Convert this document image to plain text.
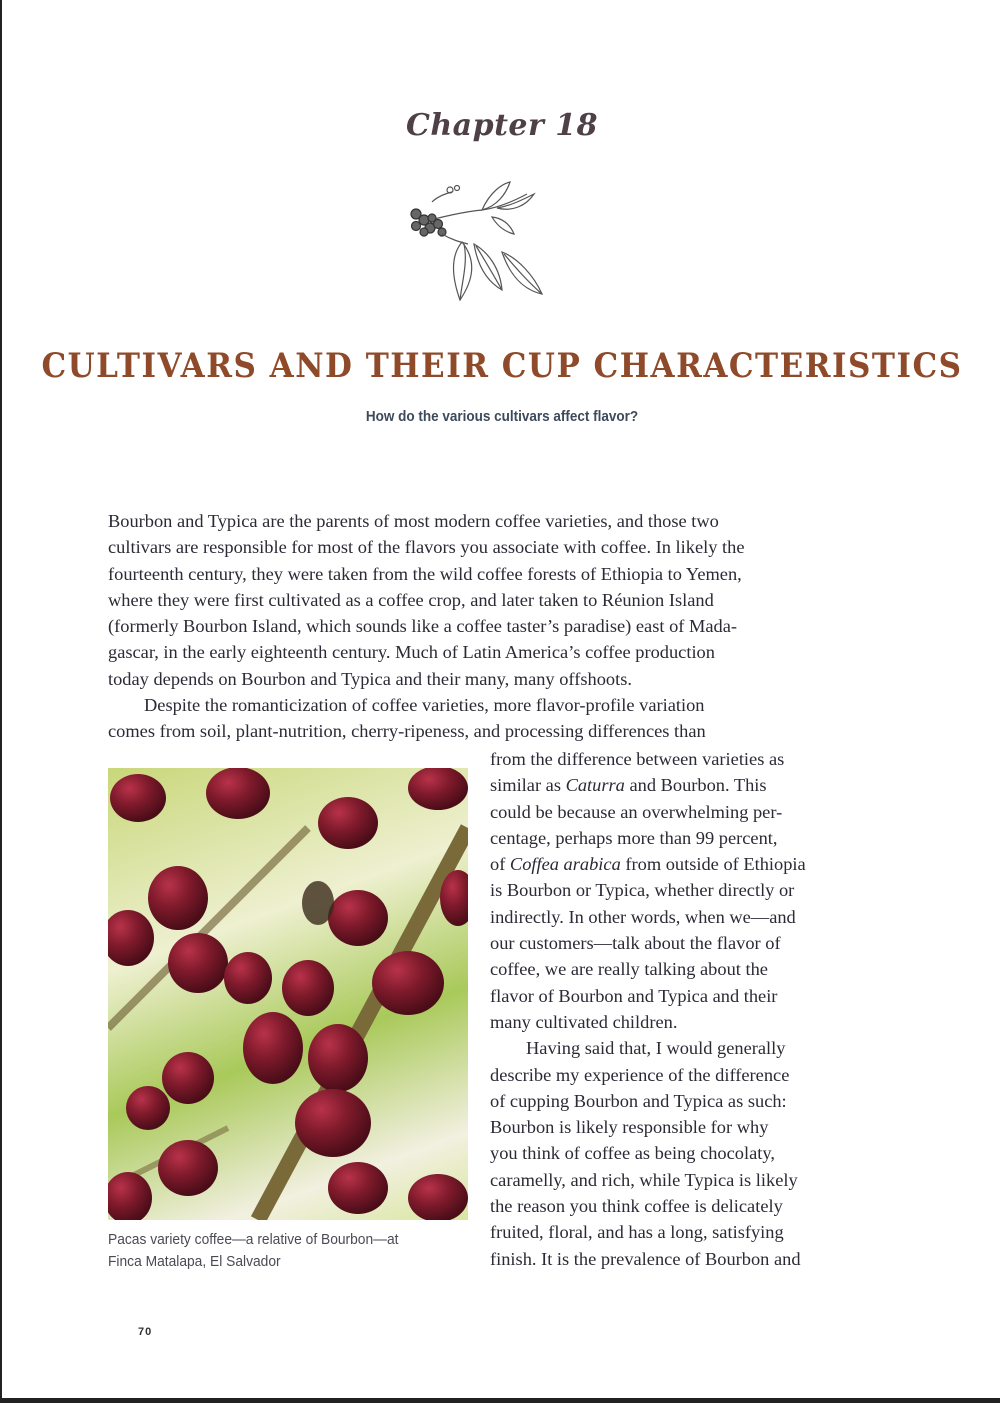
Chapter 18
CULTIVARS AND THEIR CUP CHARACTERISTICS
How do the various cultivars affect flavor?
Bourbon and Typica are the parents of most modern coffee varieties, and those two
cultivars are responsible for most of the flavors you associate with coffee. In likely the
fourteenth century, they were taken from the wild coffee forests of Ethiopia to Yemen,
where they were first cultivated as a coffee crop, and later taken to Réunion Island
(formerly Bourbon Island, which sounds like a coffee taster’s paradise) east of Mada-
gascar, in the early eighteenth century. Much of Latin America’s coffee production
today depends on Bourbon and Typica and their many, many offshoots.
Despite the romanticization of coffee varieties, more flavor-profile variation
comes from soil, plant-nutrition, cherry-ripeness, and processing differences than
from the difference between varieties as
similar as Caturra and Bourbon. This
could be because an overwhelming per-
centage, perhaps more than 99 percent,
of Coffea arabica from outside of Ethiopia
is Bourbon or Typica, whether directly or
indirectly. In other words, when we—and
our customers—talk about the flavor of
coffee, we are really talking about the
flavor of Bourbon and Typica and their
many cultivated children.
Having said that, I would generally
describe my experience of the difference
of cupping Bourbon and Typica as such:
Bourbon is likely responsible for why
you think of coffee as being chocolaty,
caramelly, and rich, while Typica is likely
the reason you think coffee is delicately
fruited, floral, and has a long, satisfying
finish. It is the prevalence of Bourbon and
Pacas variety coffee—a relative of Bourbon—at
Finca Matalapa, El Salvador
70
